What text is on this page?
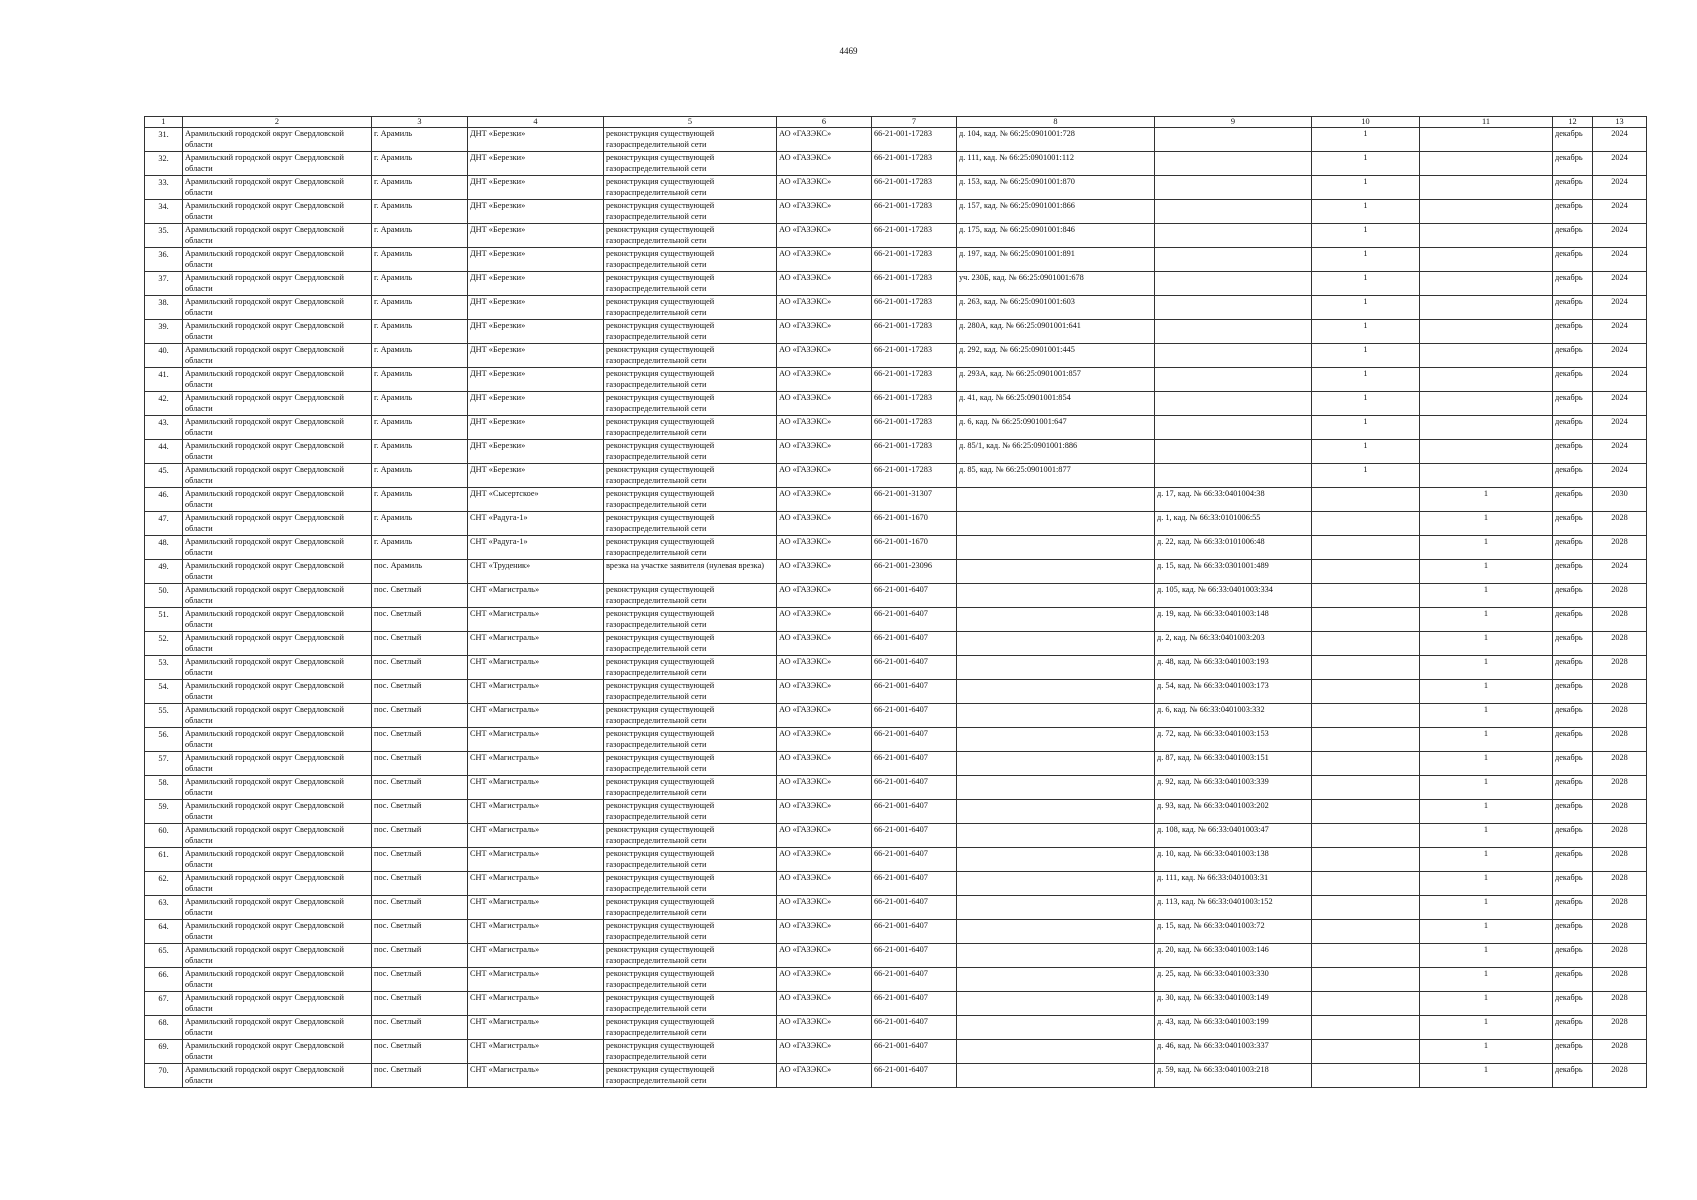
4469
1	2	3	4	5	6	7	8	9	10	11	12	13
31.	Арамильский городской округ Свердловской области	г. Арамиль	ДНТ «Березки»	реконструкция существующей газораспределительной сети	АО «ГАЗЭКС»	66-21-001-17283	д. 104, кад. № 66:25:0901001:728		1		декабрь	2024
32.	Арамильский городской округ Свердловской области	г. Арамиль	ДНТ «Березки»	реконструкция существующей газораспределительной сети	АО «ГАЗЭКС»	66-21-001-17283	д. 111, кад. № 66:25:0901001:112		1		декабрь	2024
33.	Арамильский городской округ Свердловской области	г. Арамиль	ДНТ «Березки»	реконструкция существующей газораспределительной сети	АО «ГАЗЭКС»	66-21-001-17283	д. 153, кад. № 66:25:0901001:870		1		декабрь	2024
34.	Арамильский городской округ Свердловской области	г. Арамиль	ДНТ «Березки»	реконструкция существующей газораспределительной сети	АО «ГАЗЭКС»	66-21-001-17283	д. 157, кад. № 66:25:0901001:866		1		декабрь	2024
35.	Арамильский городской округ Свердловской области	г. Арамиль	ДНТ «Березки»	реконструкция существующей газораспределительной сети	АО «ГАЗЭКС»	66-21-001-17283	д. 175, кад. № 66:25:0901001:846		1		декабрь	2024
36.	Арамильский городской округ Свердловской области	г. Арамиль	ДНТ «Березки»	реконструкция существующей газораспределительной сети	АО «ГАЗЭКС»	66-21-001-17283	д. 197, кад. № 66:25:0901001:891		1		декабрь	2024
37.	Арамильский городской округ Свердловской области	г. Арамиль	ДНТ «Березки»	реконструкция существующей газораспределительной сети	АО «ГАЗЭКС»	66-21-001-17283	уч. 230Б, кад. № 66:25:0901001:678		1		декабрь	2024
38.	Арамильский городской округ Свердловской области	г. Арамиль	ДНТ «Березки»	реконструкция существующей газораспределительной сети	АО «ГАЗЭКС»	66-21-001-17283	д. 263, кад. № 66:25:0901001:603		1		декабрь	2024
39.	Арамильский городской округ Свердловской области	г. Арамиль	ДНТ «Березки»	реконструкция существующей газораспределительной сети	АО «ГАЗЭКС»	66-21-001-17283	д. 280А, кад. № 66:25:0901001:641		1		декабрь	2024
40.	Арамильский городской округ Свердловской области	г. Арамиль	ДНТ «Березки»	реконструкция существующей газораспределительной сети	АО «ГАЗЭКС»	66-21-001-17283	д. 292, кад. № 66:25:0901001:445		1		декабрь	2024
41.	Арамильский городской округ Свердловской области	г. Арамиль	ДНТ «Березки»	реконструкция существующей газораспределительной сети	АО «ГАЗЭКС»	66-21-001-17283	д. 293А, кад. № 66:25:0901001:857		1		декабрь	2024
42.	Арамильский городской округ Свердловской области	г. Арамиль	ДНТ «Березки»	реконструкция существующей газораспределительной сети	АО «ГАЗЭКС»	66-21-001-17283	д. 41, кад. № 66:25:0901001:854		1		декабрь	2024
43.	Арамильский городской округ Свердловской области	г. Арамиль	ДНТ «Березки»	реконструкция существующей газораспределительной сети	АО «ГАЗЭКС»	66-21-001-17283	д. 6, кад. № 66:25:0901001:647		1		декабрь	2024
44.	Арамильский городской округ Свердловской области	г. Арамиль	ДНТ «Березки»	реконструкция существующей газораспределительной сети	АО «ГАЗЭКС»	66-21-001-17283	д. 85/1, кад. № 66:25:0901001:886		1		декабрь	2024
45.	Арамильский городской округ Свердловской области	г. Арамиль	ДНТ «Березки»	реконструкция существующей газораспределительной сети	АО «ГАЗЭКС»	66-21-001-17283	д. 85, кад. № 66:25:0901001:877		1		декабрь	2024
46.	Арамильский городской округ Свердловской области	г. Арамиль	ДНТ «Сысертское»	реконструкция существующей газораспределительной сети	АО «ГАЗЭКС»	66-21-001-31307		д. 17, кад. № 66:33:0401004:38		1	декабрь	2030
47.	Арамильский городской округ Свердловской области	г. Арамиль	СНТ «Радуга-1»	реконструкция существующей газораспределительной сети	АО «ГАЗЭКС»	66-21-001-1670		д. 1, кад. № 66:33:0101006:55		1	декабрь	2028
48.	Арамильский городской округ Свердловской области	г. Арамиль	СНТ «Радуга-1»	реконструкция существующей газораспределительной сети	АО «ГАЗЭКС»	66-21-001-1670		д. 22, кад. № 66:33:0101006:48		1	декабрь	2028
49.	Арамильский городской округ Свердловской области	пос. Арамиль	СНТ «Труденик»	врезка на участке заявителя (нулевая врезка)	АО «ГАЗЭКС»	66-21-001-23096		д. 15, кад. № 66:33:0301001:489		1	декабрь	2024
50.	Арамильский городской округ Свердловской области	пос. Светлый	СНТ «Магистраль»	реконструкция существующей газораспределительной сети	АО «ГАЗЭКС»	66-21-001-6407		д. 105, кад. № 66:33:0401003:334		1	декабрь	2028
51.	Арамильский городской округ Свердловской области	пос. Светлый	СНТ «Магистраль»	реконструкция существующей газораспределительной сети	АО «ГАЗЭКС»	66-21-001-6407		д. 19, кад. № 66:33:0401003:148		1	декабрь	2028
52.	Арамильский городской округ Свердловской области	пос. Светлый	СНТ «Магистраль»	реконструкция существующей газораспределительной сети	АО «ГАЗЭКС»	66-21-001-6407		д. 2, кад. № 66:33:0401003:203		1	декабрь	2028
53.	Арамильский городской округ Свердловской области	пос. Светлый	СНТ «Магистраль»	реконструкция существующей газораспределительной сети	АО «ГАЗЭКС»	66-21-001-6407		д. 48, кад. № 66:33:0401003:193		1	декабрь	2028
54.	Арамильский городской округ Свердловской области	пос. Светлый	СНТ «Магистраль»	реконструкция существующей газораспределительной сети	АО «ГАЗЭКС»	66-21-001-6407		д. 54, кад. № 66:33:0401003:173		1	декабрь	2028
55.	Арамильский городской округ Свердловской области	пос. Светлый	СНТ «Магистраль»	реконструкция существующей газораспределительной сети	АО «ГАЗЭКС»	66-21-001-6407		д. 6, кад. № 66:33:0401003:332		1	декабрь	2028
56.	Арамильский городской округ Свердловской области	пос. Светлый	СНТ «Магистраль»	реконструкция существующей газораспределительной сети	АО «ГАЗЭКС»	66-21-001-6407		д. 72, кад. № 66:33:0401003:153		1	декабрь	2028
57.	Арамильский городской округ Свердловской области	пос. Светлый	СНТ «Магистраль»	реконструкция существующей газораспределительной сети	АО «ГАЗЭКС»	66-21-001-6407		д. 87, кад. № 66:33:0401003:151		1	декабрь	2028
58.	Арамильский городской округ Свердловской области	пос. Светлый	СНТ «Магистраль»	реконструкция существующей газораспределительной сети	АО «ГАЗЭКС»	66-21-001-6407		д. 92, кад. № 66:33:0401003:339		1	декабрь	2028
59.	Арамильский городской округ Свердловской области	пос. Светлый	СНТ «Магистраль»	реконструкция существующей газораспределительной сети	АО «ГАЗЭКС»	66-21-001-6407		д. 93, кад. № 66:33:0401003:202		1	декабрь	2028
60.	Арамильский городской округ Свердловской области	пос. Светлый	СНТ «Магистраль»	реконструкция существующей газораспределительной сети	АО «ГАЗЭКС»	66-21-001-6407		д. 108, кад. № 66:33:0401003:47		1	декабрь	2028
61.	Арамильский городской округ Свердловской области	пос. Светлый	СНТ «Магистраль»	реконструкция существующей газораспределительной сети	АО «ГАЗЭКС»	66-21-001-6407		д. 10, кад. № 66:33:0401003:138		1	декабрь	2028
62.	Арамильский городской округ Свердловской области	пос. Светлый	СНТ «Магистраль»	реконструкция существующей газораспределительной сети	АО «ГАЗЭКС»	66-21-001-6407		д. 111, кад. № 66:33:0401003:31		1	декабрь	2028
63.	Арамильский городской округ Свердловской области	пос. Светлый	СНТ «Магистраль»	реконструкция существующей газораспределительной сети	АО «ГАЗЭКС»	66-21-001-6407		д. 113, кад. № 66:33:0401003:152		1	декабрь	2028
64.	Арамильский городской округ Свердловской области	пос. Светлый	СНТ «Магистраль»	реконструкция существующей газораспределительной сети	АО «ГАЗЭКС»	66-21-001-6407		д. 15, кад. № 66:33:0401003:72		1	декабрь	2028
65.	Арамильский городской округ Свердловской области	пос. Светлый	СНТ «Магистраль»	реконструкция существующей газораспределительной сети	АО «ГАЗЭКС»	66-21-001-6407		д. 20, кад. № 66:33:0401003:146		1	декабрь	2028
66.	Арамильский городской округ Свердловской области	пос. Светлый	СНТ «Магистраль»	реконструкция существующей газораспределительной сети	АО «ГАЗЭКС»	66-21-001-6407		д. 25, кад. № 66:33:0401003:330		1	декабрь	2028
67.	Арамильский городской округ Свердловской области	пос. Светлый	СНТ «Магистраль»	реконструкция существующей газораспределительной сети	АО «ГАЗЭКС»	66-21-001-6407		д. 30, кад. № 66:33:0401003:149		1	декабрь	2028
68.	Арамильский городской округ Свердловской области	пос. Светлый	СНТ «Магистраль»	реконструкция существующей газораспределительной сети	АО «ГАЗЭКС»	66-21-001-6407		д. 43, кад. № 66:33:0401003:199		1	декабрь	2028
69.	Арамильский городской округ Свердловской области	пос. Светлый	СНТ «Магистраль»	реконструкция существующей газораспределительной сети	АО «ГАЗЭКС»	66-21-001-6407		д. 46, кад. № 66:33:0401003:337		1	декабрь	2028
70.	Арамильский городской округ Свердловской области	пос. Светлый	СНТ «Магистраль»	реконструкция существующей газораспределительной сети	АО «ГАЗЭКС»	66-21-001-6407		д. 59, кад. № 66:33:0401003:218		1	декабрь	2028
